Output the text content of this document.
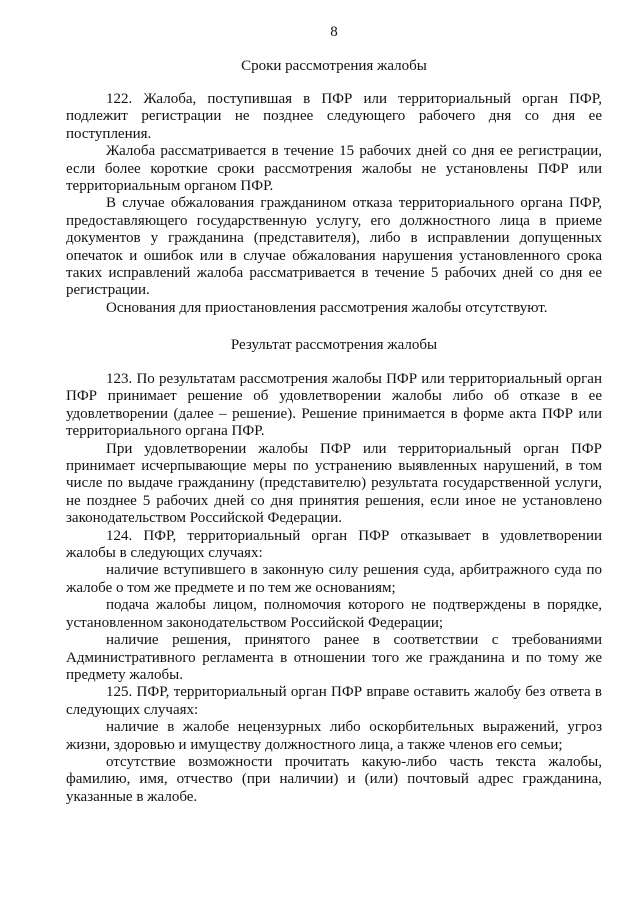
8
Сроки рассмотрения жалобы

122. Жалоба, поступившая в ПФР или территориальный орган ПФР, подлежит регистрации не позднее следующего рабочего дня со дня ее поступления.

Жалоба рассматривается в течение 15 рабочих дней со дня ее регистрации, если более короткие сроки рассмотрения жалобы не установлены ПФР или территориальным органом ПФР.

В случае обжалования гражданином отказа территориального органа ПФР, предоставляющего государственную услугу, его должностного лица в приеме документов у гражданина (представителя), либо в исправлении допущенных опечаток и ошибок или в случае обжалования нарушения установленного срока таких исправлений жалоба рассматривается в течение 5 рабочих дней со дня ее регистрации.

Основания для приостановления рассмотрения жалобы отсутствуют.

Результат рассмотрения жалобы

123. По результатам рассмотрения жалобы ПФР или территориальный орган ПФР принимает решение об удовлетворении жалобы либо об отказе в ее удовлетворении (далее – решение). Решение принимается в форме акта ПФР или территориального органа ПФР.

При удовлетворении жалобы ПФР или территориальный орган ПФР принимает исчерпывающие меры по устранению выявленных нарушений, в том числе по выдаче гражданину (представителю) результата государственной услуги, не позднее 5 рабочих дней со дня принятия решения, если иное не установлено законодательством Российской Федерации.

124. ПФР, территориальный орган ПФР отказывает в удовлетворении жалобы в следующих случаях:

наличие вступившего в законную силу решения суда, арбитражного суда по жалобе о том же предмете и по тем же основаниям;

подача жалобы лицом, полномочия которого не подтверждены в порядке, установленном законодательством Российской Федерации;

наличие решения, принятого ранее в соответствии с требованиями Административного регламента в отношении того же гражданина и по тому же предмету жалобы.

125. ПФР, территориальный орган ПФР вправе оставить жалобу без ответа в следующих случаях:

наличие в жалобе нецензурных либо оскорбительных выражений, угроз жизни, здоровью и имуществу должностного лица, а также членов его семьи;

отсутствие возможности прочитать какую-либо часть текста жалобы, фамилию, имя, отчество (при наличии) и (или) почтовый адрес гражданина, указанные в жалобе.
